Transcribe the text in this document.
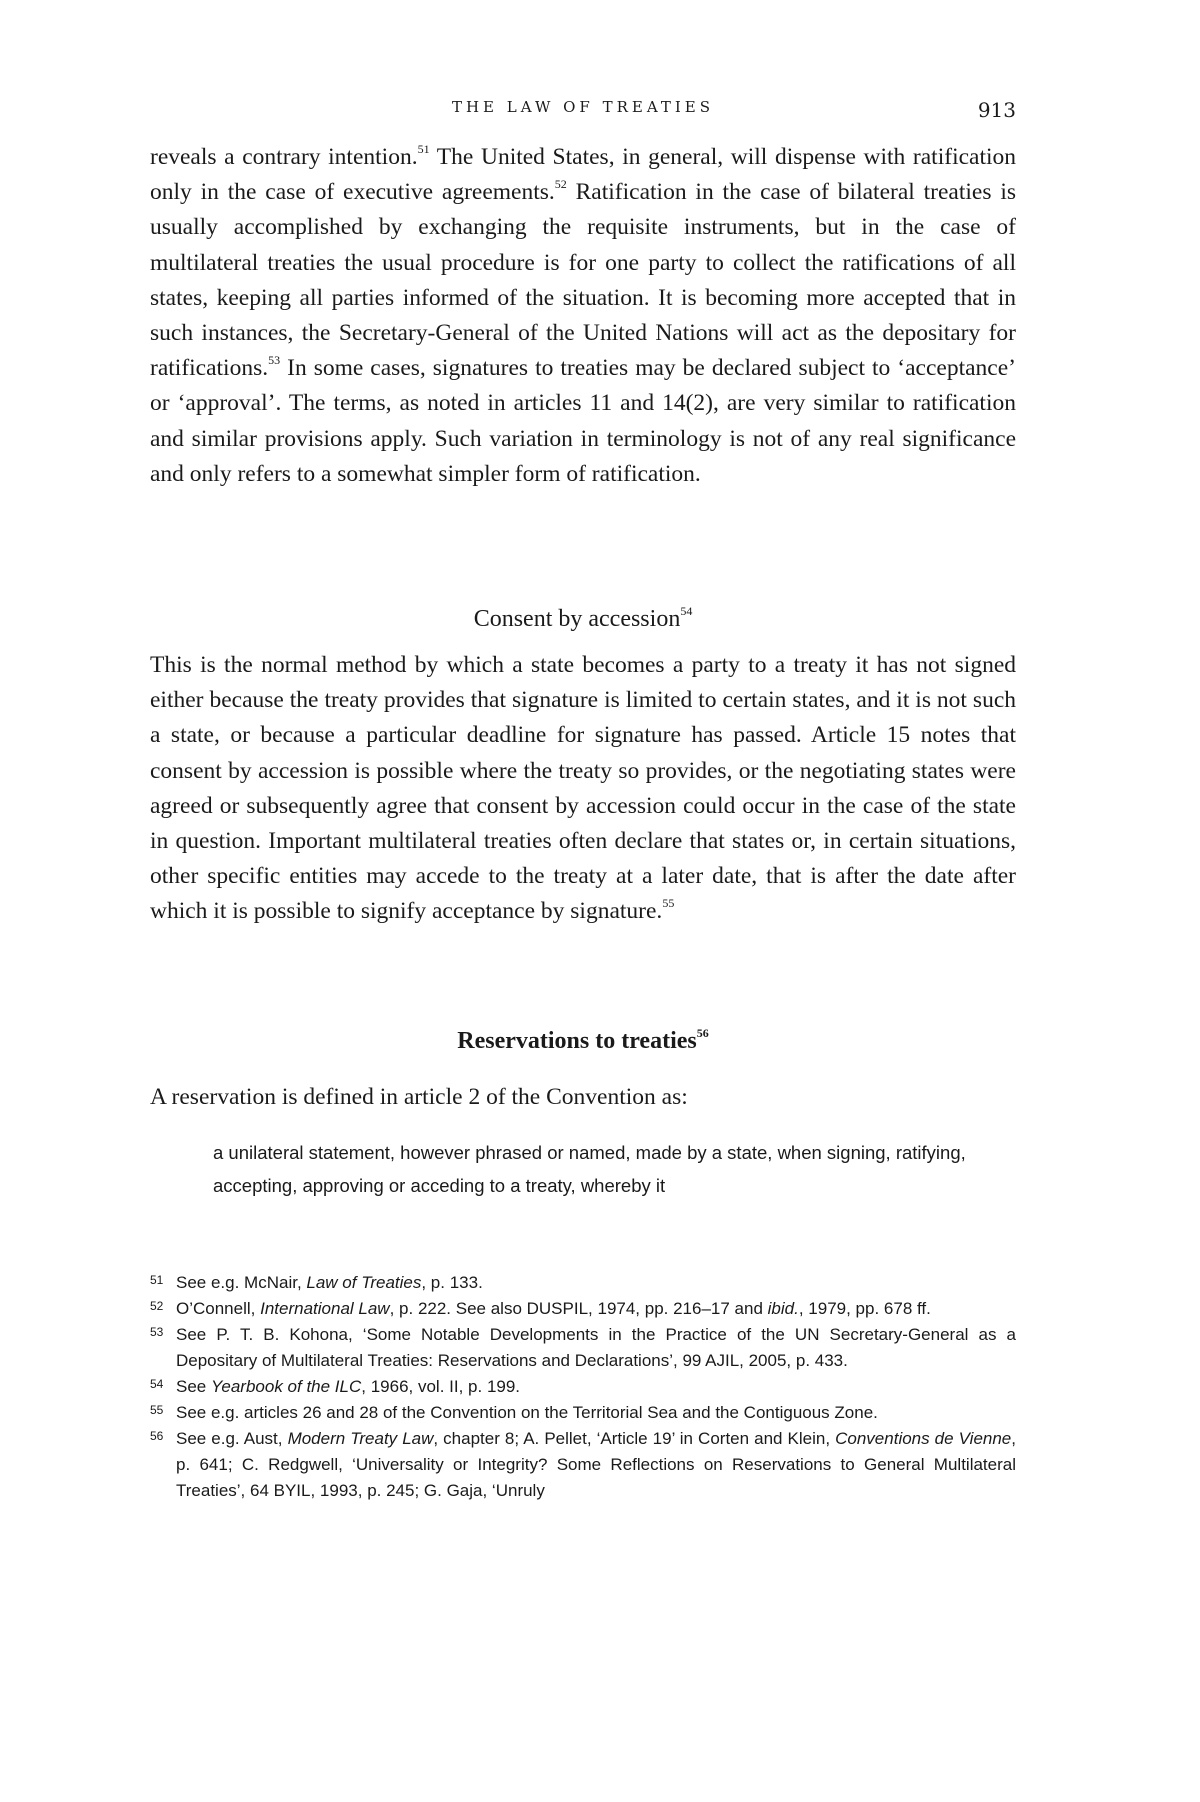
THE LAW OF TREATIES	913

reveals a contrary intention.$^{51}$ The United States, in general, will dispense with ratification only in the case of executive agreements.$^{52}$ Ratification in the case of bilateral treaties is usually accomplished by exchanging the requisite instruments, but in the case of multilateral treaties the usual procedure is for one party to collect the ratifications of all states, keeping all parties informed of the situation. It is becoming more accepted that in such instances, the Secretary-General of the United Nations will act as the depositary for ratifications.$^{53}$ In some cases, signatures to treaties may be declared subject to ‘acceptance’ or ‘approval’. The terms, as noted in articles 11 and 14(2), are very similar to ratification and similar provisions apply. Such variation in terminology is not of any real significance and only refers to a somewhat simpler form of ratification.

Consent by accession$^{54}$

This is the normal method by which a state becomes a party to a treaty it has not signed either because the treaty provides that signature is limited to certain states, and it is not such a state, or because a particular deadline for signature has passed. Article 15 notes that consent by accession is possible where the treaty so provides, or the negotiating states were agreed or subsequently agree that consent by accession could occur in the case of the state in question. Important multilateral treaties often declare that states or, in certain situations, other specific entities may accede to the treaty at a later date, that is after the date after which it is possible to signify acceptance by signature.$^{55}$

Reservations to treaties$^{56}$

A reservation is defined in article 2 of the Convention as:

a unilateral statement, however phrased or named, made by a state, when signing, ratifying, accepting, approving or acceding to a treaty, whereby it

51 See e.g. McNair, Law of Treaties, p. 133.

52 O’Connell, International Law, p. 222. See also DUSPIL, 1974, pp. 216–17 and ibid., 1979, pp. 678 ff.

53 See P. T. B. Kohona, ‘Some Notable Developments in the Practice of the UN Secretary-General as a Depositary of Multilateral Treaties: Reservations and Declarations’, 99 AJIL, 2005, p. 433.

54 See Yearbook of the ILC, 1966, vol. II, p. 199.

55 See e.g. articles 26 and 28 of the Convention on the Territorial Sea and the Contiguous Zone.

56 See e.g. Aust, Modern Treaty Law, chapter 8; A. Pellet, ‘Article 19’ in Corten and Klein, Conventions de Vienne, p. 641; C. Redgwell, ‘Universality or Integrity? Some Reflections on Reservations to General Multilateral Treaties’, 64 BYIL, 1993, p. 245; G. Gaja, ‘Unruly
